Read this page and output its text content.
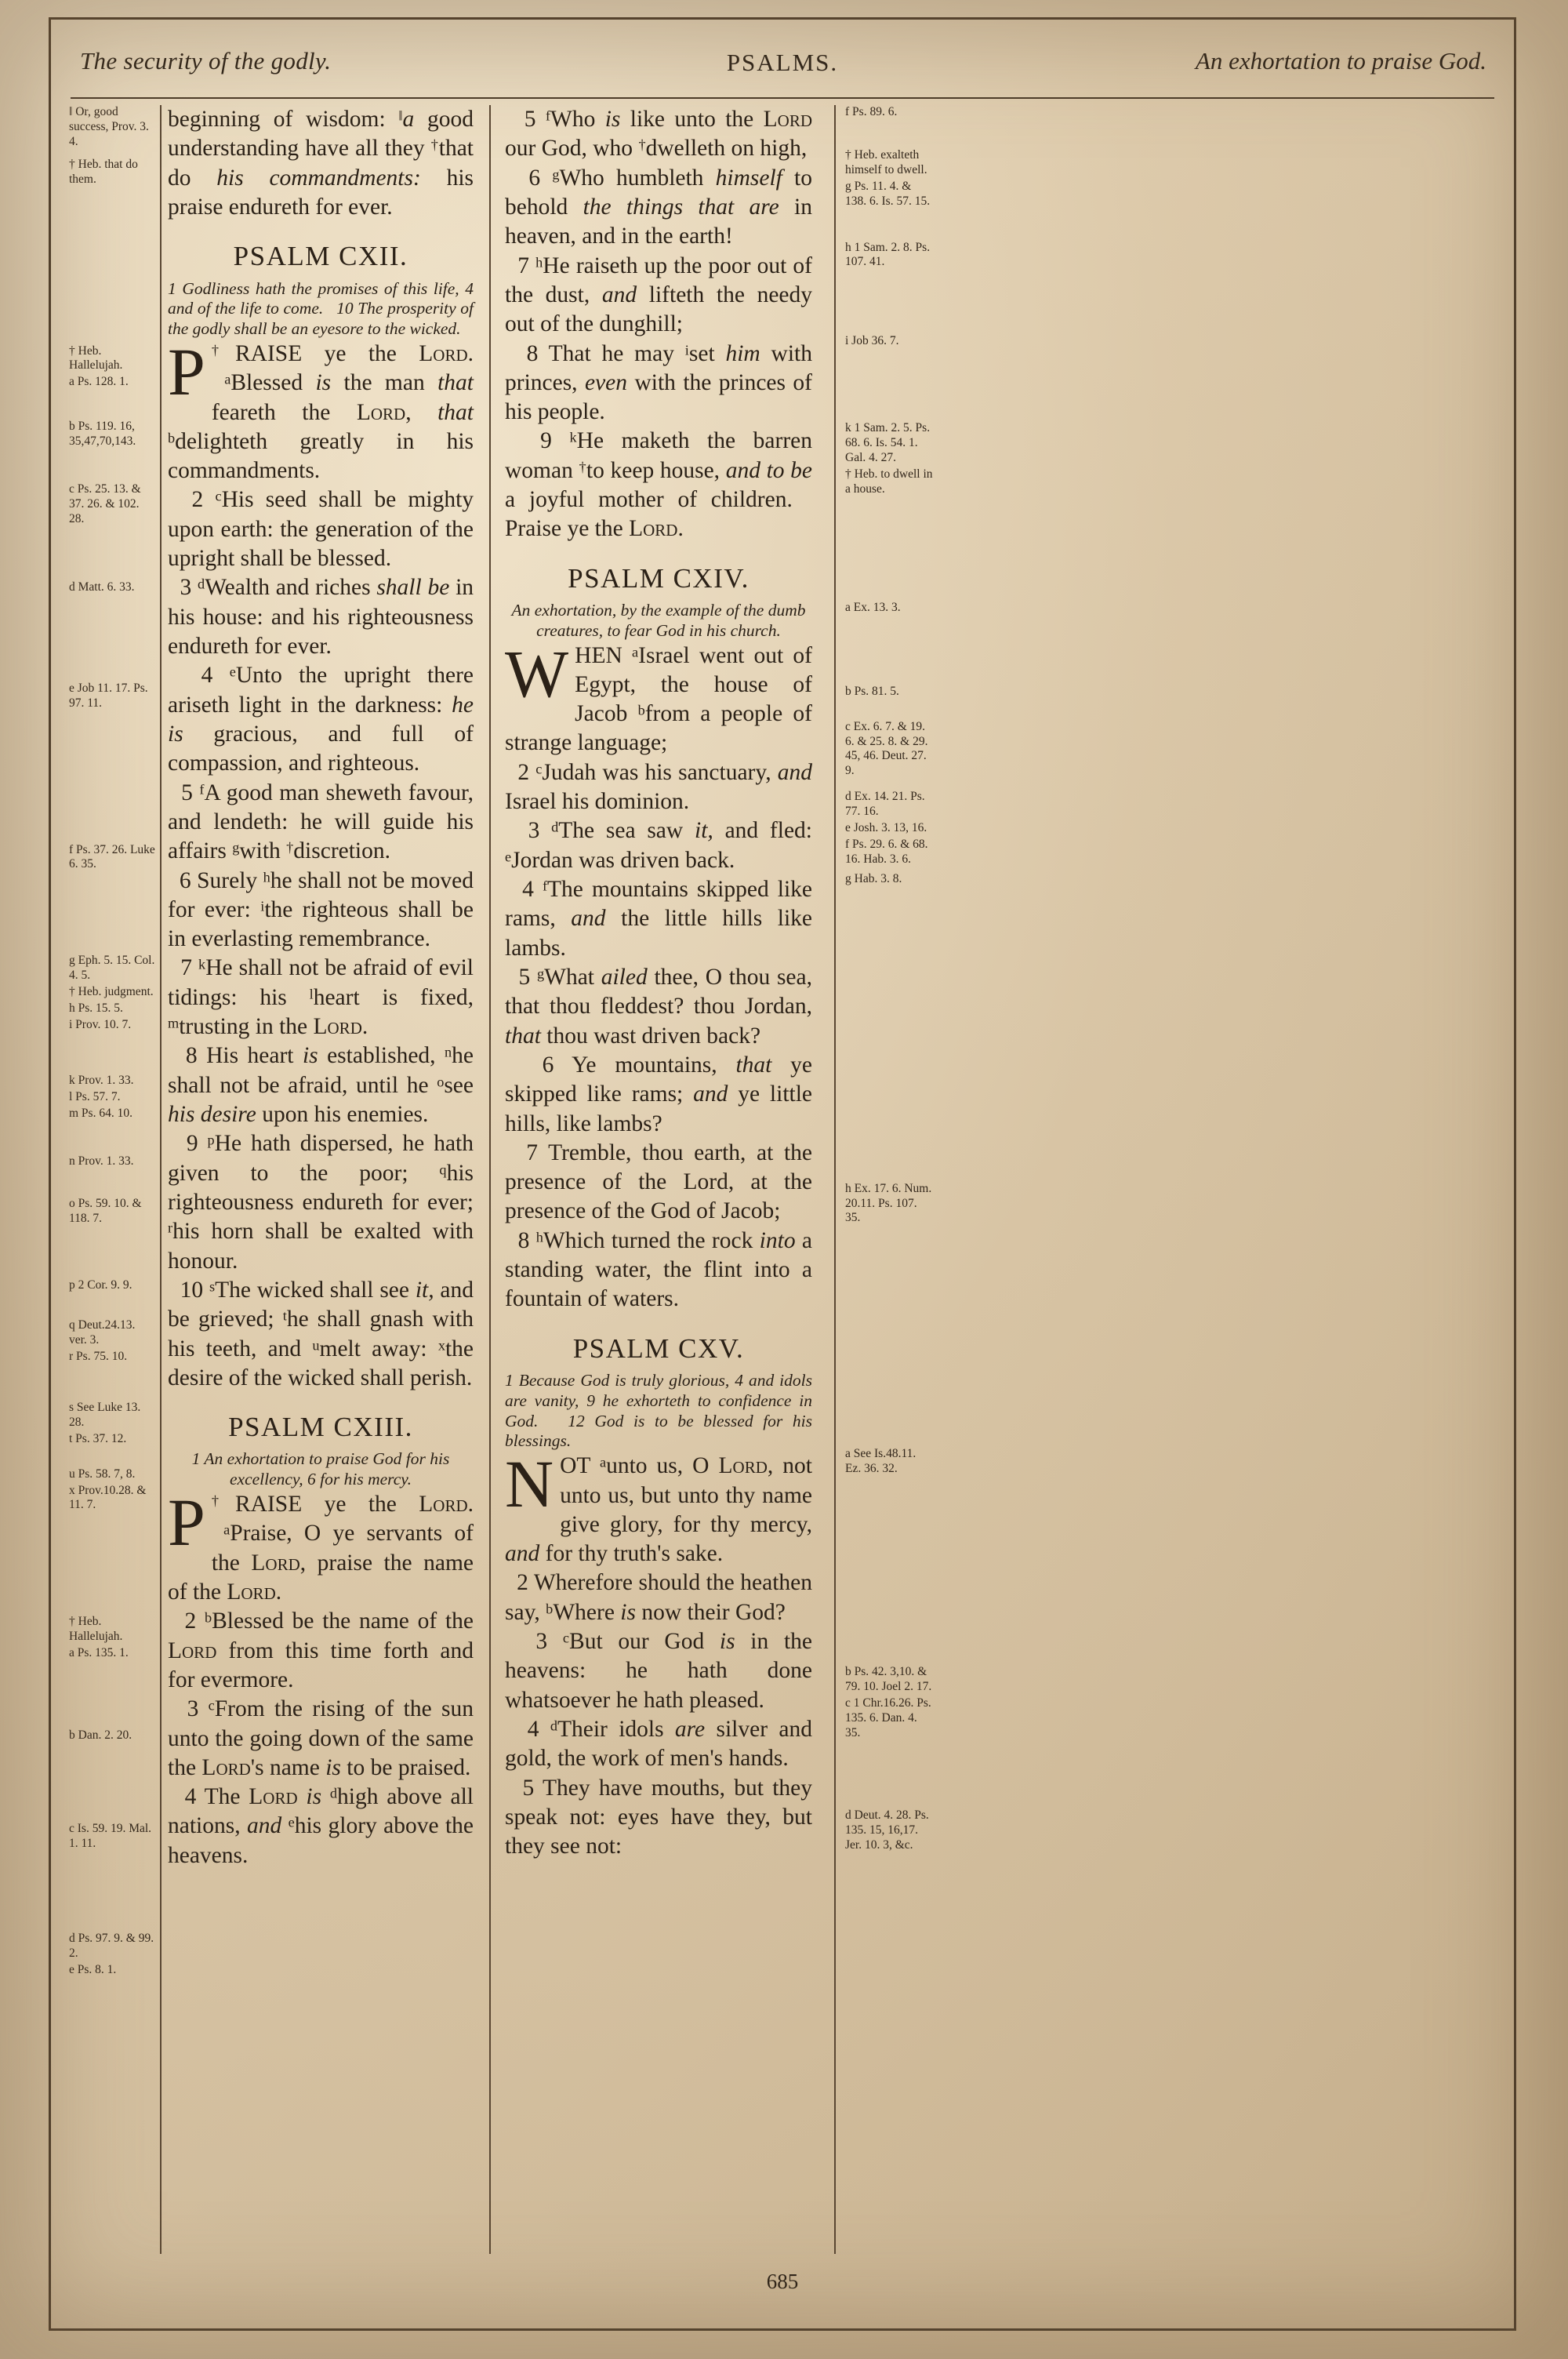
The security of the godly.	PSALMS.	An exhortation to praise God.
‖ Or, good success, Prov. 3. 4.
† Heb. that do them.
† Heb. Hallelujah.
a Ps. 128. 1.
b Ps. 119. 16, 35,47,70,143.
c Ps. 25. 13. & 37. 26. & 102. 28.
d Matt. 6. 33.
e Job 11. 17. Ps. 97. 11.
f Ps. 37. 26. Luke 6. 35.
g Eph. 5. 15. Col. 4. 5.
† Heb. judgment.
h Ps. 15. 5.
i Prov. 10. 7.
k Prov. 1. 33.
l Ps. 57. 7.
m Ps. 64. 10.
n Prov. 1. 33.
o Ps. 59. 10. & 118. 7.
p 2 Cor. 9. 9.
q Deut.24.13. ver. 3.
r Ps. 75. 10.
s See Luke 13. 28.
t Ps. 37. 12.
u Ps. 58. 7, 8.
x Prov.10.28. & 11. 7.
† Heb. Hallelujah.
a Ps. 135. 1.
b Dan. 2. 20.
c Is. 59. 19. Mal. 1. 11.
d Ps. 97. 9. & 99. 2.
e Ps. 8. 1.

beginning of wisdom: ‖a good understanding have all they †that do his commandments: his praise endureth for ever.

PSALM CXII.

1 Godliness hath the promises of this life, 4 and of the life to come.   10 The prosperity of the godly shall be an eyesore to the wicked.

†
P RAISE ye the Lord.  $^a$Blessed is the man that feareth the Lord, that $^b$delighteth greatly in his commandments.

2 $^c$His seed shall be mighty upon earth: the generation of the upright shall be blessed.

3 $^d$Wealth and riches shall be in his house: and his righteousness endureth for ever.

4 $^e$Unto the upright there ariseth light in the darkness: he is gracious, and full of compassion, and righteous.

5 $^f$A good man sheweth favour, and lendeth: he will guide his affairs $^g$with †discretion.

6 Surely $^h$he shall not be moved for ever: $^i$the righteous shall be in everlasting remembrance.

7 $^k$He shall not be afraid of evil tidings: his $^l$heart is fixed, $^m$trusting in the Lord.

8 His heart is established, $^n$he shall not be afraid, until he $^o$see his desire upon his enemies.

9 $^p$He hath dispersed, he hath given to the poor; $^q$his righteousness endureth for ever; $^r$his horn shall be exalted with honour.

10 $^s$The wicked shall see it, and be grieved; $^t$he shall gnash with his teeth, and $^u$melt away: $^x$the desire of the wicked shall perish.

PSALM CXIII.

1 An exhortation to praise God for his excellency, 6 for his mercy.

†
P RAISE ye the Lord.  $^a$Praise, O ye servants of the Lord, praise the name of the Lord.

2 $^b$Blessed be the name of the Lord from this time forth and for evermore.

3 $^c$From the rising of the sun unto the going down of the same the Lord's name is to be praised.

4 The Lord is $^d$high above all nations, and $^e$his glory above the heavens.

5 $^f$Who is like unto the Lord our God, who †dwelleth on high,

6 $^g$Who humbleth himself to behold the things that are in heaven, and in the earth!

7 $^h$He raiseth up the poor out of the dust, and lifteth the needy out of the dunghill;

8 That he may $^i$set him with princes, even with the princes of his people.

9 $^k$He maketh the barren woman †to keep house, and to be a joyful mother of children.   Praise ye the Lord.

PSALM CXIV.

An exhortation, by the example of the dumb creatures, to fear God in his church.

WHEN $^a$Israel went out of Egypt, the house of Jacob $^b$from a people of strange language;

2 $^c$Judah was his sanctuary, and Israel his dominion.

3 $^d$The sea saw it, and fled: $^e$Jordan was driven back.

4 $^f$The mountains skipped like rams, and the little hills like lambs.

5 $^g$What ailed thee, O thou sea, that thou fleddest? thou Jordan, that thou wast driven back?

6 Ye mountains, that ye skipped like rams; and ye little hills, like lambs?

7 Tremble, thou earth, at the presence of the Lord, at the presence of the God of Jacob;

8 $^h$Which turned the rock into a standing water, the flint into a fountain of waters.

PSALM CXV.

1 Because God is truly glorious, 4 and idols are vanity, 9 he exhorteth to confidence in God.   12 God is to be blessed for his blessings.

NOT $^a$unto us, O Lord, not unto us, but unto thy name give glory, for thy mercy, and for thy truth's sake.

2 Wherefore should the heathen say, $^b$Where is now their God?

3 $^c$But our God is in the heavens: he hath done whatsoever he hath pleased.

4 $^d$Their idols are silver and gold, the work of men's hands.

5 They have mouths, but they speak not: eyes have they, but they see not:

f Ps. 89. 6.
† Heb. exalteth himself to dwell.
g Ps. 11. 4. & 138. 6. Is. 57. 15.
h 1 Sam. 2. 8. Ps. 107. 41.
i Job 36. 7.
k 1 Sam. 2. 5. Ps. 68. 6. Is. 54. 1. Gal. 4. 27.
† Heb. to dwell in a house.
a Ex. 13. 3.
b Ps. 81. 5.
c Ex. 6. 7. & 19. 6. & 25. 8. & 29. 45, 46. Deut. 27. 9.
d Ex. 14. 21. Ps. 77. 16.
e Josh. 3. 13, 16.
f Ps. 29. 6. & 68. 16. Hab. 3. 6.
g Hab. 3. 8.
h Ex. 17. 6. Num. 20.11. Ps. 107. 35.
a See Is.48.11. Ez. 36. 32.
b Ps. 42. 3,10. & 79. 10. Joel 2. 17.
c 1 Chr.16.26. Ps. 135. 6. Dan. 4. 35.
d Deut. 4. 28. Ps. 135. 15, 16,17. Jer. 10. 3, &c.
685
